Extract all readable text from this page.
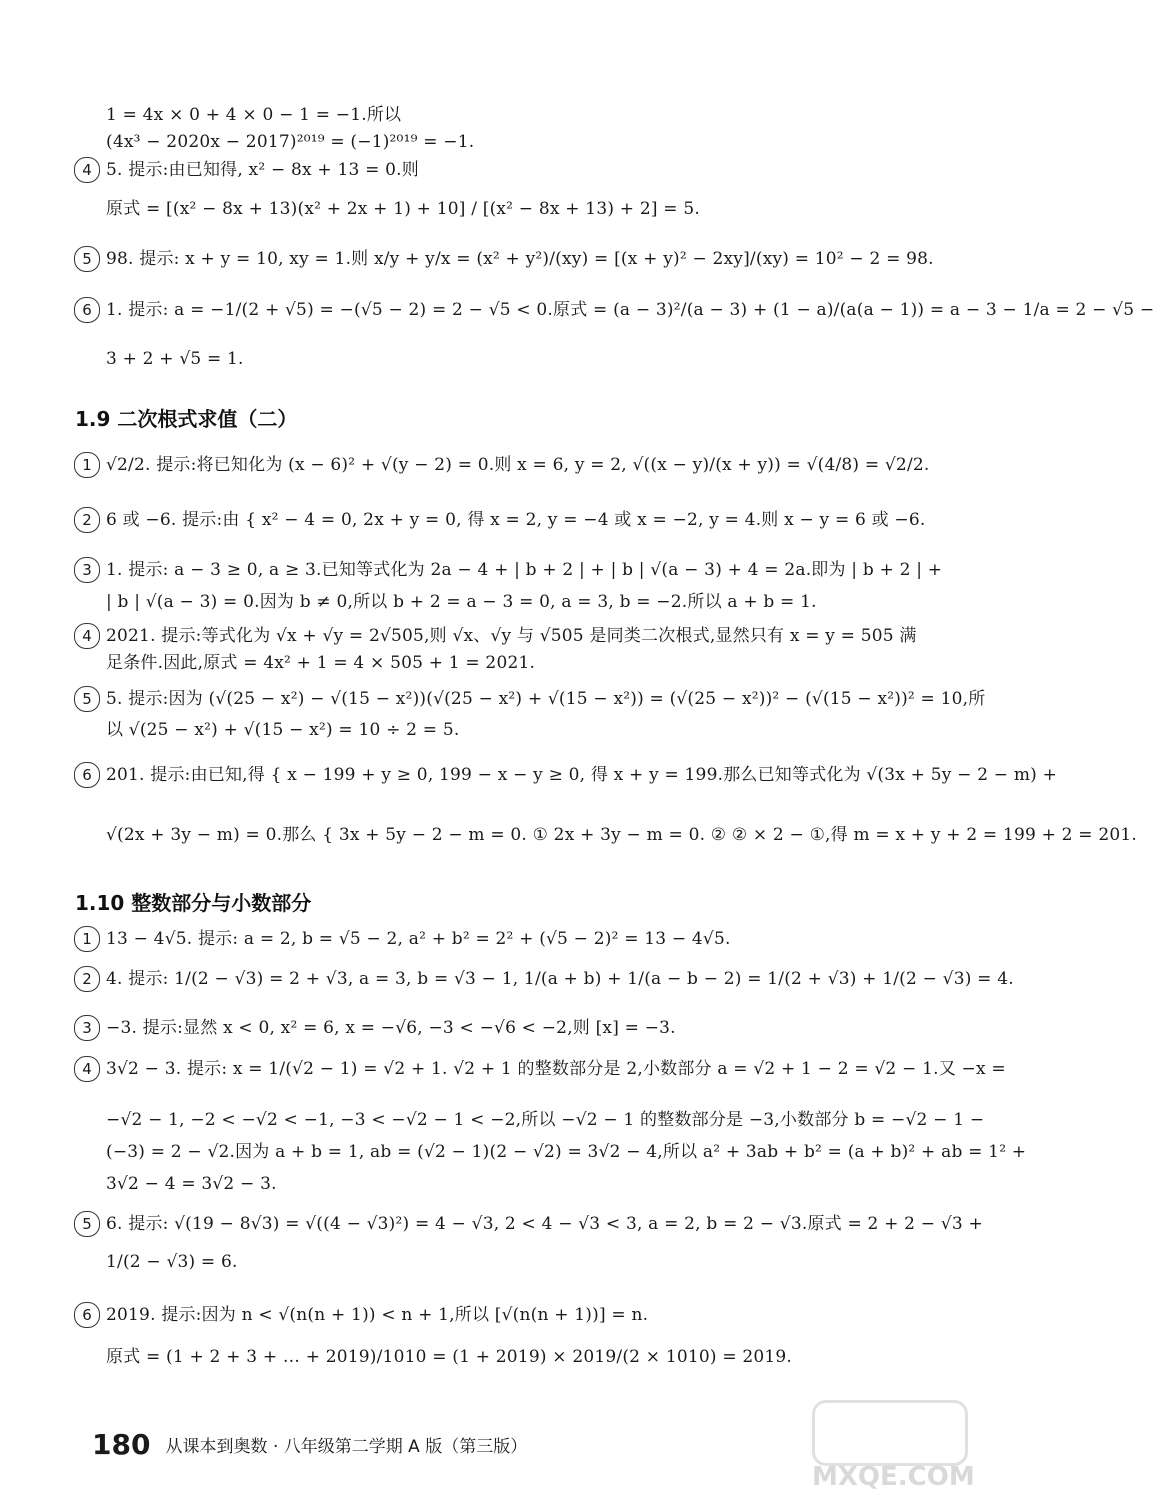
1 = 4x × 0 + 4 × 0 − 1 = −1.所以
(4x³ − 2020x − 2017)²⁰¹⁹ = (−1)²⁰¹⁹ = −1.
4 5. 提示:由已知得, x² − 8x + 13 = 0.则
原式 = [(x² − 8x + 13)(x² + 2x + 1) + 10] / [(x² − 8x + 13) + 2] = 5.
5 98. 提示: x + y = 10, xy = 1.则 x/y + y/x = (x² + y²)/(xy) = [(x + y)² − 2xy]/(xy) = 10² − 2 = 98.
6 1. 提示: a = −1/(2 + √5) = −(√5 − 2) = 2 − √5 < 0.原式 = (a − 3)²/(a − 3) + (1 − a)/(a(a − 1)) = a − 3 − 1/a = 2 − √5 −
3 + 2 + √5 = 1.
1.9 二次根式求值（二）
1 √2/2. 提示:将已知化为 (x − 6)² + √(y − 2) = 0.则 x = 6, y = 2, √((x − y)/(x + y)) = √(4/8) = √2/2.
2 6 或 −6. 提示:由 { x² − 4 = 0, 2x + y = 0, 得 x = 2, y = −4 或 x = −2, y = 4.则 x − y = 6 或 −6.
3 1. 提示: a − 3 ≥ 0, a ≥ 3.已知等式化为 2a − 4 + | b + 2 | + | b | √(a − 3) + 4 = 2a.即为 | b + 2 | +
| b | √(a − 3) = 0.因为 b ≠ 0,所以 b + 2 = a − 3 = 0, a = 3, b = −2.所以 a + b = 1.
4 2021. 提示:等式化为 √x + √y = 2√505,则 √x、√y 与 √505 是同类二次根式,显然只有 x = y = 505 满
足条件.因此,原式 = 4x² + 1 = 4 × 505 + 1 = 2021.
5 5. 提示:因为 (√(25 − x²) − √(15 − x²))(√(25 − x²) + √(15 − x²)) = (√(25 − x²))² − (√(15 − x²))² = 10,所
以 √(25 − x²) + √(15 − x²) = 10 ÷ 2 = 5.
6 201. 提示:由已知,得 { x − 199 + y ≥ 0, 199 − x − y ≥ 0, 得 x + y = 199.那么已知等式化为 √(3x + 5y − 2 − m) +
√(2x + 3y − m) = 0.那么 { 3x + 5y − 2 − m = 0. ① 2x + 3y − m = 0. ② ② × 2 − ①,得 m = x + y + 2 = 199 + 2 = 201.
1.10 整数部分与小数部分
1 13 − 4√5. 提示: a = 2, b = √5 − 2, a² + b² = 2² + (√5 − 2)² = 13 − 4√5.
2 4. 提示: 1/(2 − √3) = 2 + √3, a = 3, b = √3 − 1, 1/(a + b) + 1/(a − b − 2) = 1/(2 + √3) + 1/(2 − √3) = 4.
3 −3. 提示:显然 x < 0, x² = 6, x = −√6, −3 < −√6 < −2,则 [x] = −3.
4 3√2 − 3. 提示: x = 1/(√2 − 1) = √2 + 1. √2 + 1 的整数部分是 2,小数部分 a = √2 + 1 − 2 = √2 − 1.又 −x =
−√2 − 1, −2 < −√2 < −1, −3 < −√2 − 1 < −2,所以 −√2 − 1 的整数部分是 −3,小数部分 b = −√2 − 1 −
(−3) = 2 − √2.因为 a + b = 1, ab = (√2 − 1)(2 − √2) = 3√2 − 4,所以 a² + 3ab + b² = (a + b)² + ab = 1² +
3√2 − 4 = 3√2 − 3.
5 6. 提示: √(19 − 8√3) = √((4 − √3)²) = 4 − √3, 2 < 4 − √3 < 3, a = 2, b = 2 − √3.原式 = 2 + 2 − √3 +
1/(2 − √3) = 6.
6 2019. 提示:因为 n < √(n(n + 1)) < n + 1,所以 [√(n(n + 1))] = n.
原式 = (1 + 2 + 3 + … + 2019)/1010 = (1 + 2019) × 2019/(2 × 1010) = 2019.
180 从课本到奥数 · 八年级第二学期 A 版（第三版）
MXQE.COM
